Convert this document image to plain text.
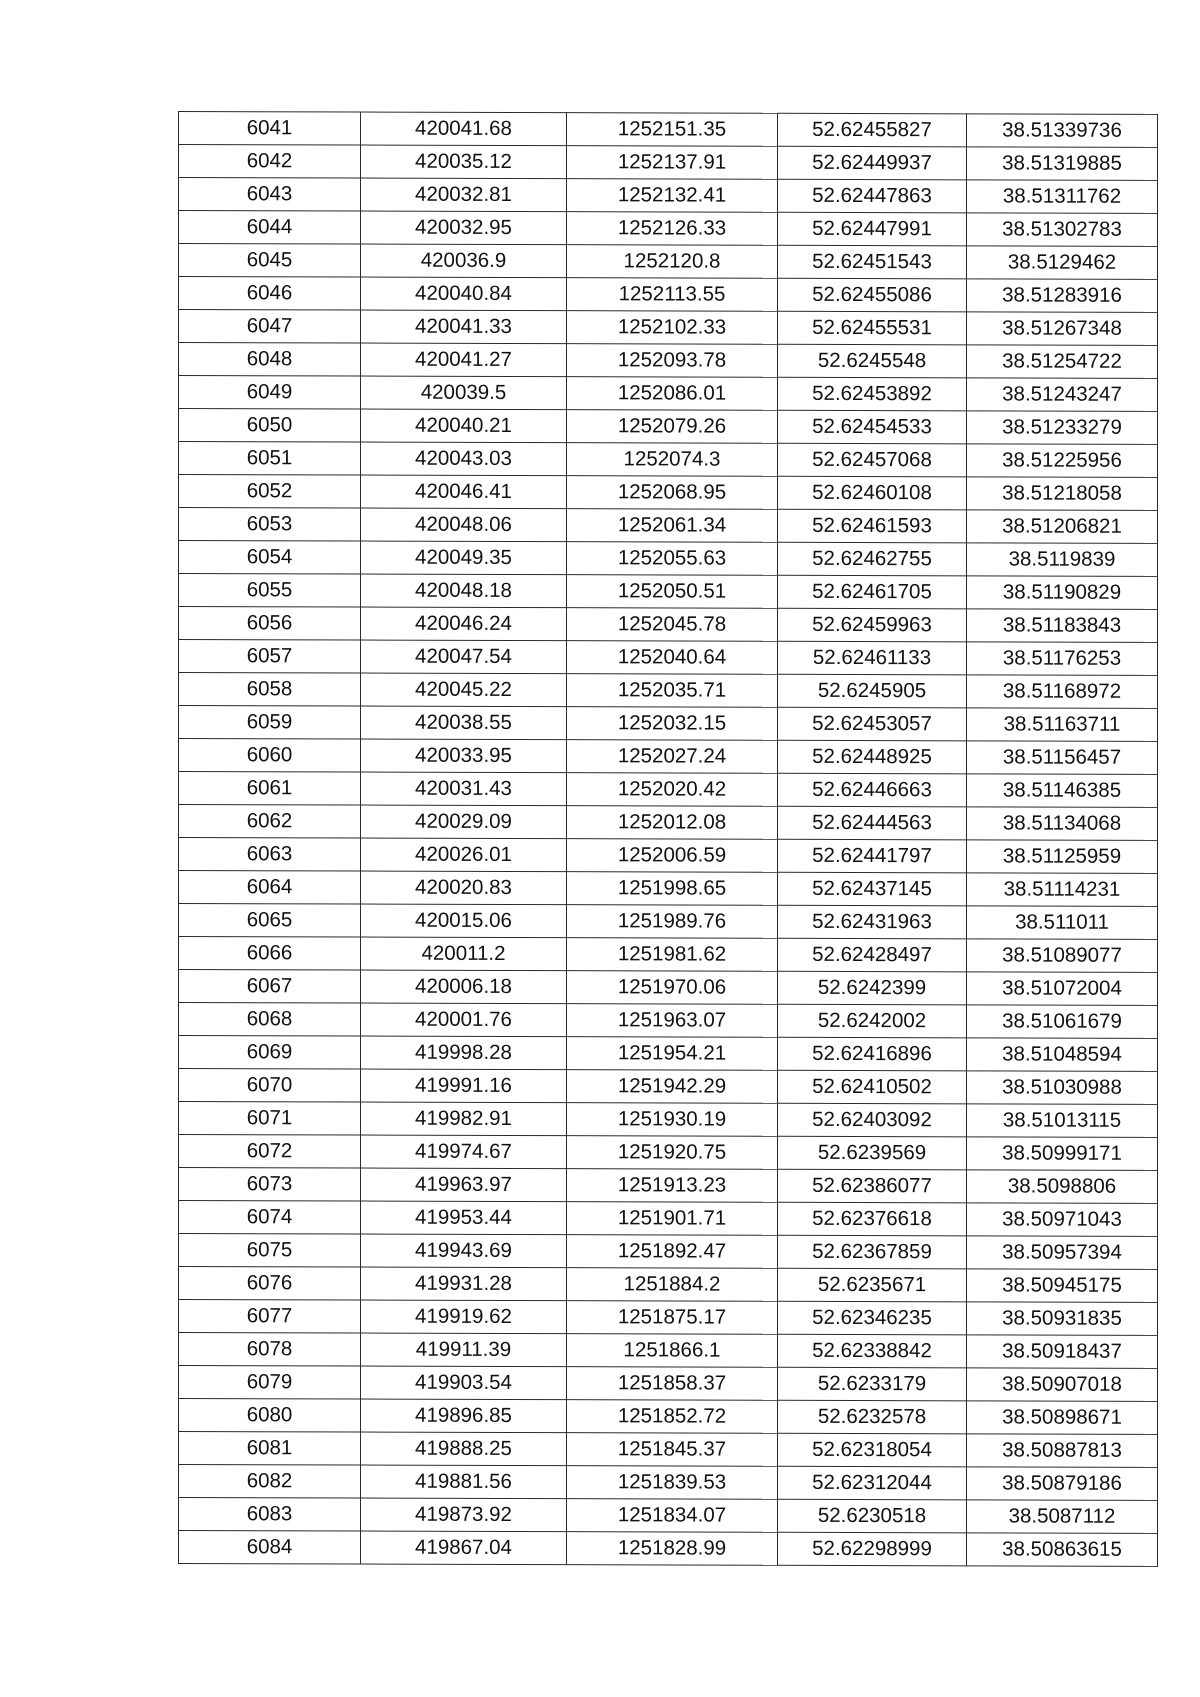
6041	420041.68	1252151.35	52.62455827	38.51339736
6042	420035.12	1252137.91	52.62449937	38.51319885
6043	420032.81	1252132.41	52.62447863	38.51311762
6044	420032.95	1252126.33	52.62447991	38.51302783
6045	420036.9	1252120.8	52.62451543	38.5129462
6046	420040.84	1252113.55	52.62455086	38.51283916
6047	420041.33	1252102.33	52.62455531	38.51267348
6048	420041.27	1252093.78	52.6245548	38.51254722
6049	420039.5	1252086.01	52.62453892	38.51243247
6050	420040.21	1252079.26	52.62454533	38.51233279
6051	420043.03	1252074.3	52.62457068	38.51225956
6052	420046.41	1252068.95	52.62460108	38.51218058
6053	420048.06	1252061.34	52.62461593	38.51206821
6054	420049.35	1252055.63	52.62462755	38.5119839
6055	420048.18	1252050.51	52.62461705	38.51190829
6056	420046.24	1252045.78	52.62459963	38.51183843
6057	420047.54	1252040.64	52.62461133	38.51176253
6058	420045.22	1252035.71	52.6245905	38.51168972
6059	420038.55	1252032.15	52.62453057	38.51163711
6060	420033.95	1252027.24	52.62448925	38.51156457
6061	420031.43	1252020.42	52.62446663	38.51146385
6062	420029.09	1252012.08	52.62444563	38.51134068
6063	420026.01	1252006.59	52.62441797	38.51125959
6064	420020.83	1251998.65	52.62437145	38.51114231
6065	420015.06	1251989.76	52.62431963	38.511011
6066	420011.2	1251981.62	52.62428497	38.51089077
6067	420006.18	1251970.06	52.6242399	38.51072004
6068	420001.76	1251963.07	52.6242002	38.51061679
6069	419998.28	1251954.21	52.62416896	38.51048594
6070	419991.16	1251942.29	52.62410502	38.51030988
6071	419982.91	1251930.19	52.62403092	38.51013115
6072	419974.67	1251920.75	52.6239569	38.50999171
6073	419963.97	1251913.23	52.62386077	38.5098806
6074	419953.44	1251901.71	52.62376618	38.50971043
6075	419943.69	1251892.47	52.62367859	38.50957394
6076	419931.28	1251884.2	52.6235671	38.50945175
6077	419919.62	1251875.17	52.62346235	38.50931835
6078	419911.39	1251866.1	52.62338842	38.50918437
6079	419903.54	1251858.37	52.6233179	38.50907018
6080	419896.85	1251852.72	52.6232578	38.50898671
6081	419888.25	1251845.37	52.62318054	38.50887813
6082	419881.56	1251839.53	52.62312044	38.50879186
6083	419873.92	1251834.07	52.6230518	38.5087112
6084	419867.04	1251828.99	52.62298999	38.50863615
